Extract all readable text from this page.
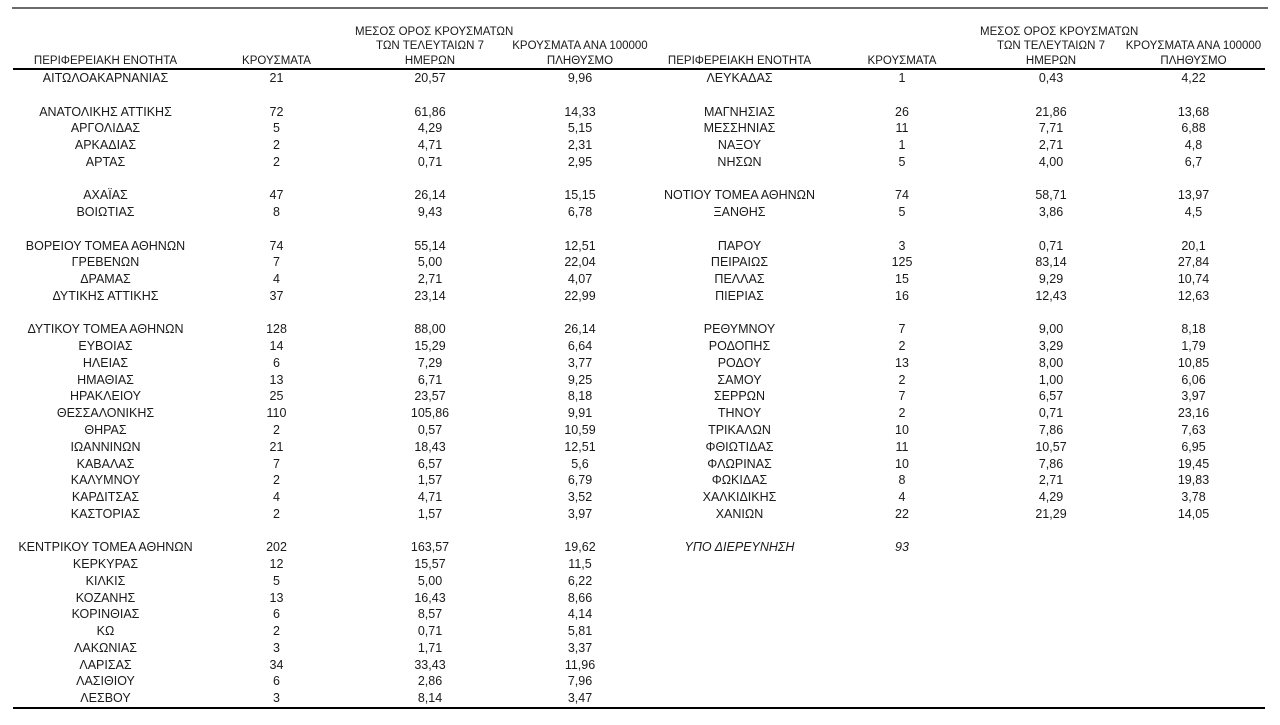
		ΜΕΣΟΣ ΟΡΟΣ ΚΡΟΥΣΜΑΤΩΝ				ΜΕΣΟΣ ΟΡΟΣ ΚΡΟΥΣΜΑΤΩΝ	
		ΤΩΝ ΤΕΛΕΥΤΑΙΩΝ 7	ΚΡΟΥΣΜΑΤΑ ΑΝΑ 100000			ΤΩΝ ΤΕΛΕΥΤΑΙΩΝ 7	ΚΡΟΥΣΜΑΤΑ ΑΝΑ 100000
ΠΕΡΙΦΕΡΕΙΑΚΗ ΕΝΟΤΗΤΑ	ΚΡΟΥΣΜΑΤΑ	ΗΜΕΡΩΝ	ΠΛΗΘΥΣΜΟ	ΠΕΡΙΦΕΡΕΙΑΚΗ ΕΝΟΤΗΤΑ	ΚΡΟΥΣΜΑΤΑ	ΗΜΕΡΩΝ	ΠΛΗΘΥΣΜΟ
ΑΙΤΩΛΟΑΚΑΡΝΑΝΙΑΣ	21	20,57	9,96	ΛΕΥΚΑΔΑΣ	1	0,43	4,22

ΑΝΑΤΟΛΙΚΗΣ ΑΤΤΙΚΗΣ	72	61,86	14,33	ΜΑΓΝΗΣΙΑΣ	26	21,86	13,68
ΑΡΓΟΛΙΔΑΣ	5	4,29	5,15	ΜΕΣΣΗΝΙΑΣ	11	7,71	6,88
ΑΡΚΑΔΙΑΣ	2	4,71	2,31	ΝΑΞΟΥ	1	2,71	4,8
ΑΡΤΑΣ	2	0,71	2,95	ΝΗΣΩΝ	5	4,00	6,7

ΑΧΑΪΑΣ	47	26,14	15,15	ΝΟΤΙΟΥ ΤΟΜΕΑ ΑΘΗΝΩΝ	74	58,71	13,97
ΒΟΙΩΤΙΑΣ	8	9,43	6,78	ΞΑΝΘΗΣ	5	3,86	4,5

ΒΟΡΕΙΟΥ ΤΟΜΕΑ ΑΘΗΝΩΝ	74	55,14	12,51	ΠΑΡΟΥ	3	0,71	20,1
ΓΡΕΒΕΝΩΝ	7	5,00	22,04	ΠΕΙΡΑΙΩΣ	125	83,14	27,84
ΔΡΑΜΑΣ	4	2,71	4,07	ΠΕΛΛΑΣ	15	9,29	10,74
ΔΥΤΙΚΗΣ ΑΤΤΙΚΗΣ	37	23,14	22,99	ΠΙΕΡΙΑΣ	16	12,43	12,63

ΔΥΤΙΚΟΥ ΤΟΜΕΑ ΑΘΗΝΩΝ	128	88,00	26,14	ΡΕΘΥΜΝΟΥ	7	9,00	8,18
ΕΥΒΟΙΑΣ	14	15,29	6,64	ΡΟΔΟΠΗΣ	2	3,29	1,79
ΗΛΕΙΑΣ	6	7,29	3,77	ΡΟΔΟΥ	13	8,00	10,85
ΗΜΑΘΙΑΣ	13	6,71	9,25	ΣΑΜΟΥ	2	1,00	6,06
ΗΡΑΚΛΕΙΟΥ	25	23,57	8,18	ΣΕΡΡΩΝ	7	6,57	3,97
ΘΕΣΣΑΛΟΝΙΚΗΣ	110	105,86	9,91	ΤΗΝΟΥ	2	0,71	23,16
ΘΗΡΑΣ	2	0,57	10,59	ΤΡΙΚΑΛΩΝ	10	7,86	7,63
ΙΩΑΝΝΙΝΩΝ	21	18,43	12,51	ΦΘΙΩΤΙΔΑΣ	11	10,57	6,95
ΚΑΒΑΛΑΣ	7	6,57	5,6	ΦΛΩΡΙΝΑΣ	10	7,86	19,45
ΚΑΛΥΜΝΟΥ	2	1,57	6,79	ΦΩΚΙΔΑΣ	8	2,71	19,83
ΚΑΡΔΙΤΣΑΣ	4	4,71	3,52	ΧΑΛΚΙΔΙΚΗΣ	4	4,29	3,78
ΚΑΣΤΟΡΙΑΣ	2	1,57	3,97	ΧΑΝΙΩΝ	22	21,29	14,05

ΚΕΝΤΡΙΚΟΥ ΤΟΜΕΑ ΑΘΗΝΩΝ	202	163,57	19,62	ΥΠΟ ΔΙΕΡΕΥΝΗΣΗ	93		
ΚΕΡΚΥΡΑΣ	12	15,57	11,5				
ΚΙΛΚΙΣ	5	5,00	6,22				
ΚΟΖΑΝΗΣ	13	16,43	8,66				
ΚΟΡΙΝΘΙΑΣ	6	8,57	4,14				
ΚΩ	2	0,71	5,81				
ΛΑΚΩΝΙΑΣ	3	1,71	3,37				
ΛΑΡΙΣΑΣ	34	33,43	11,96				
ΛΑΣΙΘΙΟΥ	6	2,86	7,96				
ΛΕΣΒΟΥ	3	8,14	3,47				
